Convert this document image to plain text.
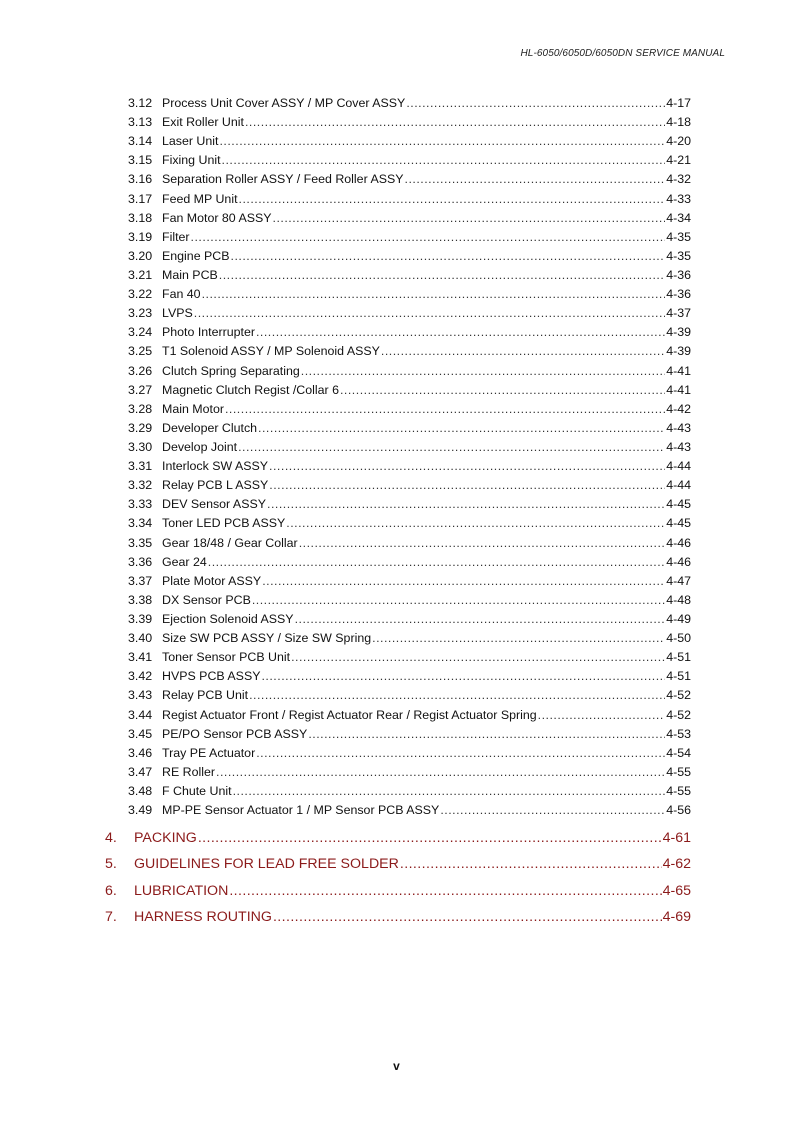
HL-6050/6050D/6050DN SERVICE MANUAL
3.12 Process Unit Cover ASSY / MP Cover ASSY .....	4-17
3.13 Exit Roller Unit .....	4-18
3.14 Laser Unit .....	4-20
3.15 Fixing Unit .....	4-21
3.16 Separation Roller ASSY / Feed Roller ASSY .....	4-32
3.17 Feed MP Unit .....	4-33
3.18 Fan Motor 80 ASSY .....	4-34
3.19 Filter .....	4-35
3.20 Engine PCB .....	4-35
3.21 Main PCB .....	4-36
3.22 Fan 40 .....	4-36
3.23 LVPS .....	4-37
3.24 Photo Interrupter .....	4-39
3.25 T1 Solenoid ASSY / MP Solenoid ASSY .....	4-39
3.26 Clutch Spring Separating .....	4-41
3.27 Magnetic Clutch Regist /Collar 6 .....	4-41
3.28 Main Motor .....	4-42
3.29 Developer Clutch .....	4-43
3.30 Develop Joint .....	4-43
3.31 Interlock SW ASSY .....	4-44
3.32 Relay PCB L ASSY .....	4-44
3.33 DEV Sensor ASSY .....	4-45
3.34 Toner LED PCB ASSY .....	4-45
3.35 Gear 18/48 / Gear Collar .....	4-46
3.36 Gear 24 .....	4-46
3.37 Plate Motor ASSY .....	4-47
3.38 DX Sensor PCB .....	4-48
3.39 Ejection Solenoid ASSY .....	4-49
3.40 Size SW PCB ASSY / Size SW Spring .....	4-50
3.41 Toner Sensor PCB Unit .....	4-51
3.42 HVPS PCB ASSY .....	4-51
3.43 Relay PCB Unit .....	4-52
3.44 Regist Actuator Front / Regist Actuator Rear / Regist Actuator Spring .....	4-52
3.45 PE/PO Sensor PCB ASSY .....	4-53
3.46 Tray PE Actuator .....	4-54
3.47 RE Roller .....	4-55
3.48 F Chute Unit .....	4-55
3.49 MP-PE Sensor Actuator 1 / MP Sensor PCB ASSY .....	4-56
4.	PACKING .....	4-61
5.	GUIDELINES FOR LEAD FREE SOLDER .....	4-62
6.	LUBRICATION .....	4-65
7.	HARNESS ROUTING .....	4-69
v
